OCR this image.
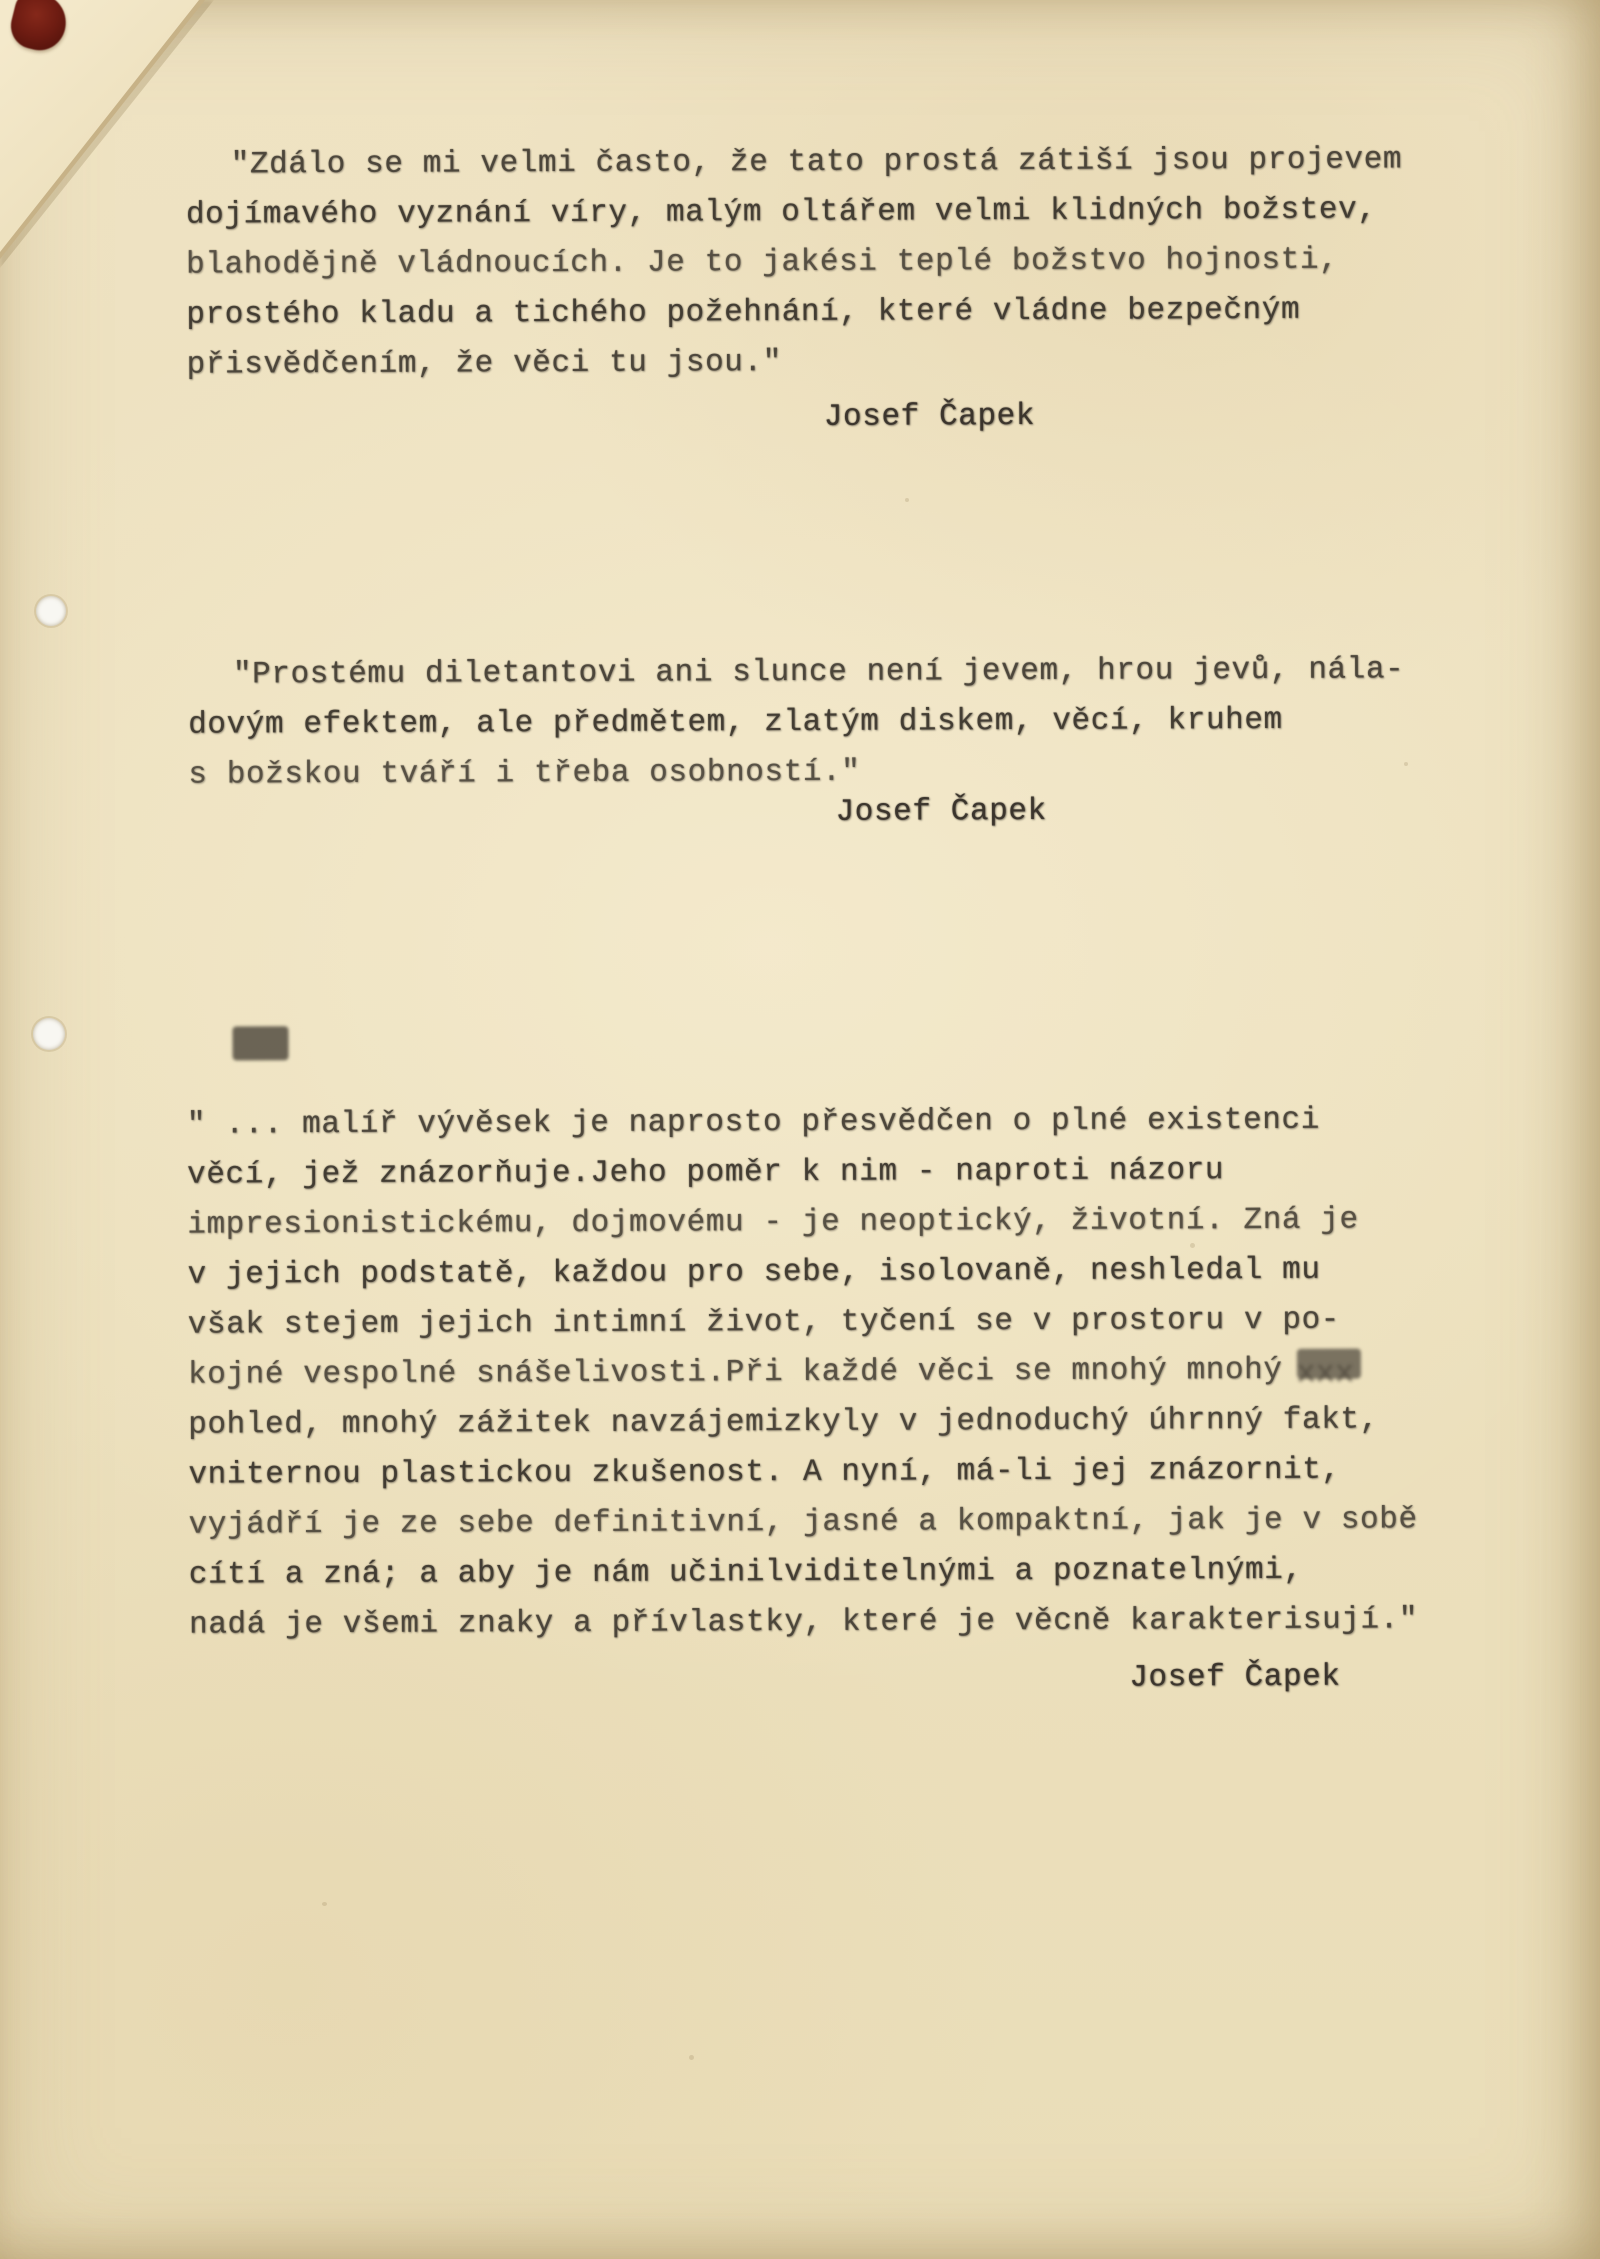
"Zdálo se mi velmi často, že tato prostá zátiší jsou projevem
dojímavého vyznání víry, malým oltářem velmi klidných božstev,
blahodějně vládnoucích. Je to jakési teplé božstvo hojnosti,
prostého kladu a tichého požehnání, které vládne bezpečným
přisvědčením, že věci tu jsou."
Josef Čapek
"Prostému diletantovi ani slunce není jevem, hrou jevů, nála-
dovým efektem, ale předmětem, zlatým diskem, věcí, kruhem
s božskou tváří i třeba osobností."
Josef Čapek
" ... malíř vývěsek je naprosto přesvědčen o plné existenci
věcí, jež znázorňuje.Jeho poměr k nim - naproti názoru
impresionistickému, dojmovému - je neoptický, životní. Zná je
v jejich podstatě, každou pro sebe, isolovaně, neshledal mu
však stejem jejich intimní život, tyčení se v prostoru v po-
kojné vespolné snášelivosti.Při každé věci se mnohý mnohý xxx
pohled, mnohý zážitek navzájemizkyly v jednoduchý úhrnný fakt,
vniternou plastickou zkušenost. A nyní, má-li jej znázornit,
vyjádří je ze sebe definitivní, jasné a kompaktní, jak je v sobě
cítí a zná; a aby je nám učinilviditelnými a poznatelnými,
nadá je všemi znaky a přívlastky, které je věcně karakterisují."
Josef Čapek
